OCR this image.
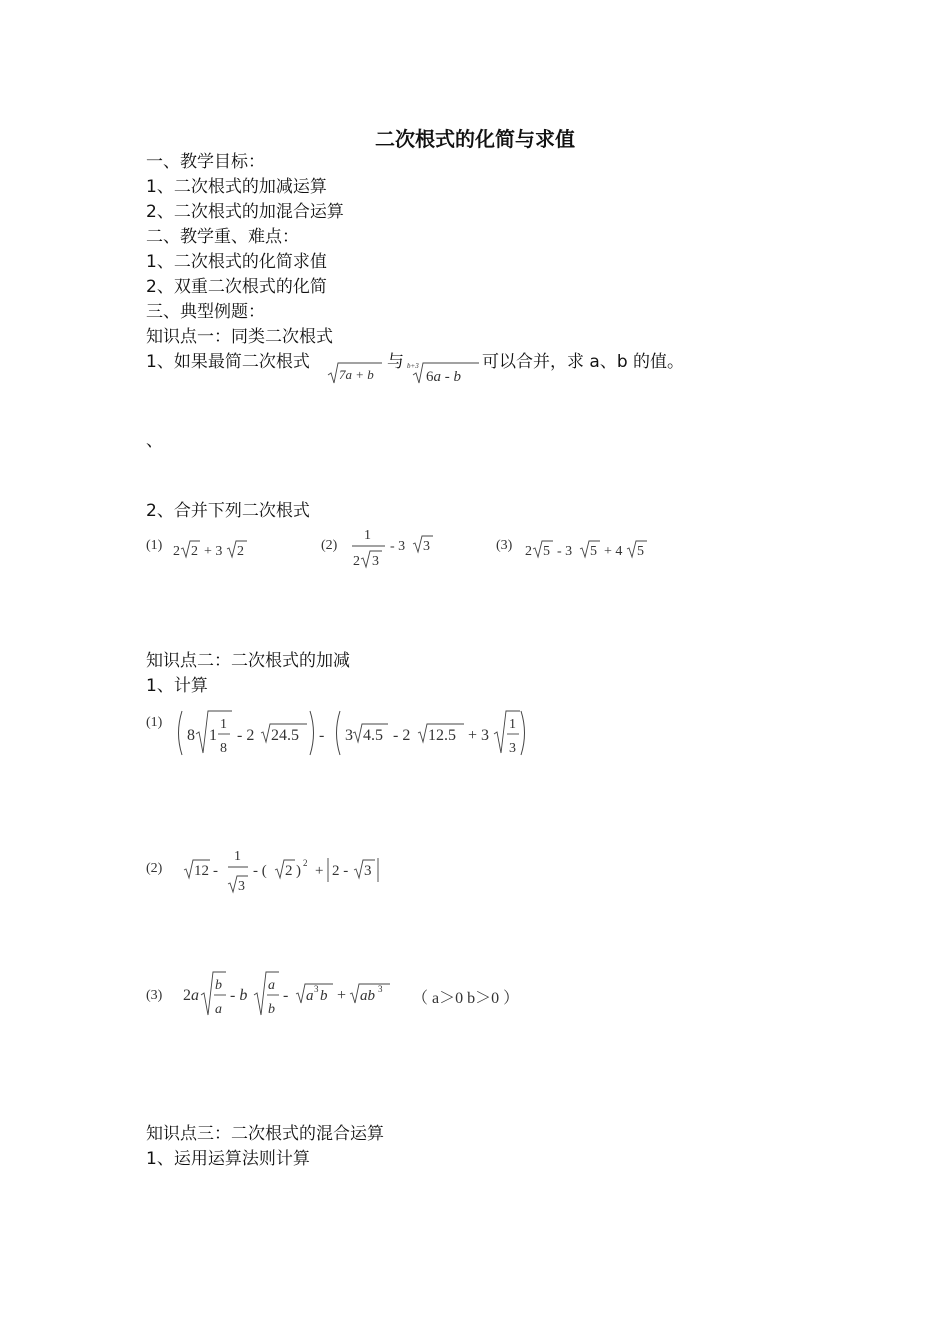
二次根式的化简与求值
一、教学目标：
1、二次根式的加减运算
2、二次根式的加混合运算
二、教学重、难点：
1、二次根式的化简求值
2、双重二次根式的化简
三、典型例题：
知识点一：同类二次根式
1、如果最简二次根式
7a + b
与 b+3
6a - b
可以合并，求 a、b 的值。
、
2、合并下列二次根式
(1) 2 2 + 3 2	(2)
1
2 3
- 3 3	(3) 2 5 - 3 5 + 4 5
知识点二：二次根式的加减
1、计算
(1)
8 1
1
8
- 2 24.5 - 3 4.5 - 2 12.5 + 3
1
3
(2) 12 -
1
3
- ( 2 ) 2 + 2 - 3
(3) 2a
b
a
- b
a
b
- a 3 b + ab 3
（ a＞0 b＞0 ）
知识点三：二次根式的混合运算
1、运用运算法则计算
